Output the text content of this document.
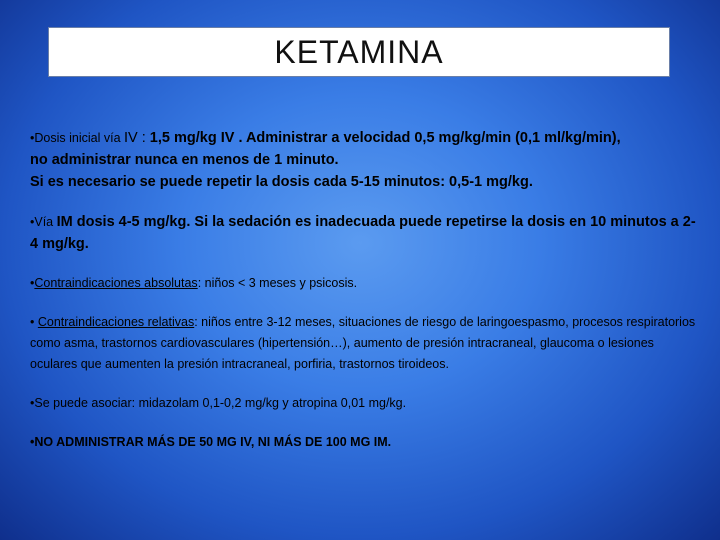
KETAMINA

•Dosis inicial vía IV : 1,5 mg/kg IV . Administrar a velocidad 0,5 mg/kg/min (0,1 ml/kg/min),
no administrar nunca en menos de 1 minuto.
Si es necesario se puede repetir la dosis cada 5-15 minutos: 0,5-1 mg/kg.

•Vía IM dosis 4-5 mg/kg. Si la sedación es inadecuada puede repetirse la dosis en 10 minutos a 2-4 mg/kg.

•Contraindicaciones absolutas: niños < 3 meses y psicosis.

• Contraindicaciones relativas: niños entre 3-12 meses, situaciones de riesgo de laringoespasmo, procesos respiratorios como asma, trastornos cardiovasculares (hipertensión…), aumento de presión intracraneal, glaucoma o lesiones oculares que aumenten la presión intracraneal, porfiria, trastornos tiroideos.

•Se puede asociar: midazolam 0,1-0,2 mg/kg y atropina 0,01 mg/kg.

•NO ADMINISTRAR MÁS DE 50 MG IV, NI MÁS DE 100 MG IM.
